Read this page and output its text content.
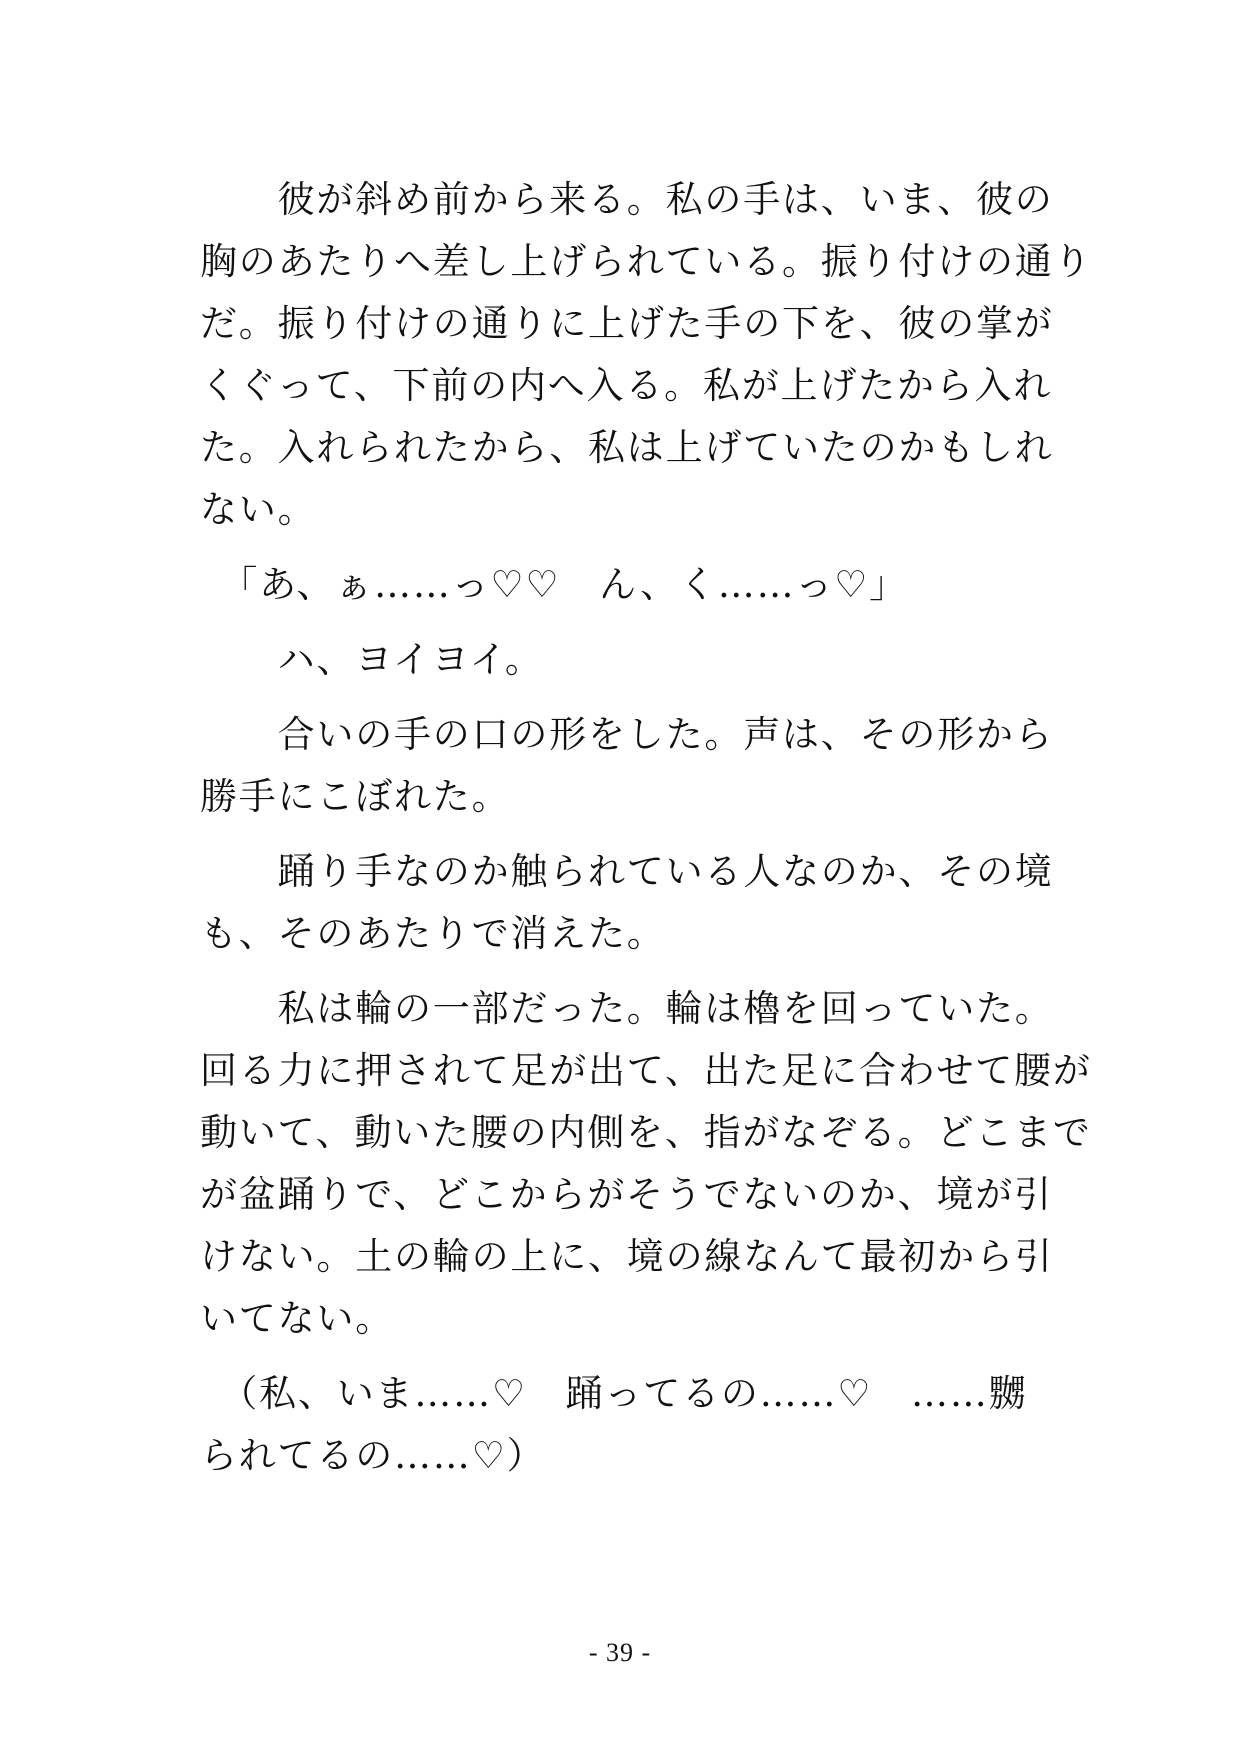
　　彼が斜め前から来る。私の手は、いま、彼の
胸のあたりへ差し上げられている。振り付けの通り
だ。振り付けの通りに上げた手の下を、彼の掌が
くぐって、下前の内へ入る。私が上げたから入れ
た。入れられたから、私は上げていたのかもしれ
ない。
　「あ、ぁ……っ♡♡　ん、く……っ♡」
　　ハ、ヨイヨイ。
　　合いの手の口の形をした。声は、その形から
勝手にこぼれた。
　　踊り手なのか触られている人なのか、その境
も、そのあたりで消えた。
　　私は輪の一部だった。輪は櫓を回っていた。
回る力に押されて足が出て、出た足に合わせて腰が
動いて、動いた腰の内側を、指がなぞる。どこまで
が盆踊りで、どこからがそうでないのか、境が引
けない。土の輪の上に、境の線なんて最初から引
いてない。
　（私、いま……♡　踊ってるの……♡　……嬲
られてるの……♡）
- 39 -
